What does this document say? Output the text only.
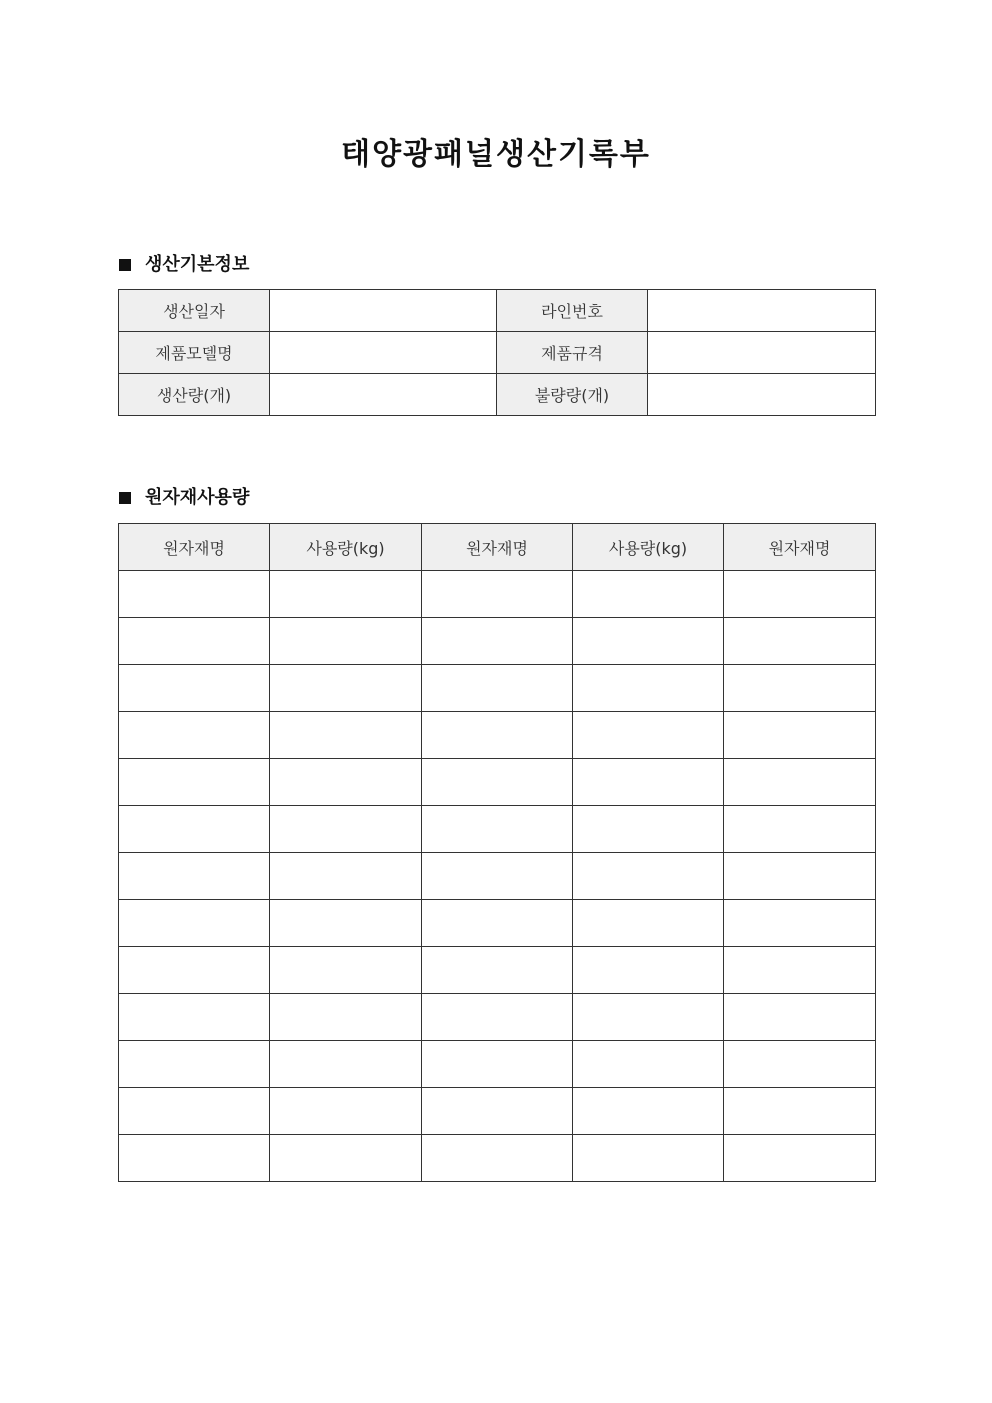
태양광패널생산기록부
생산기본정보
생산일자		라인번호	
제품모델명		제품규격	
생산량(개)		불량량(개)	
원자재사용량
원자재명	사용량(kg)	원자재명	사용량(kg)	원자재명
